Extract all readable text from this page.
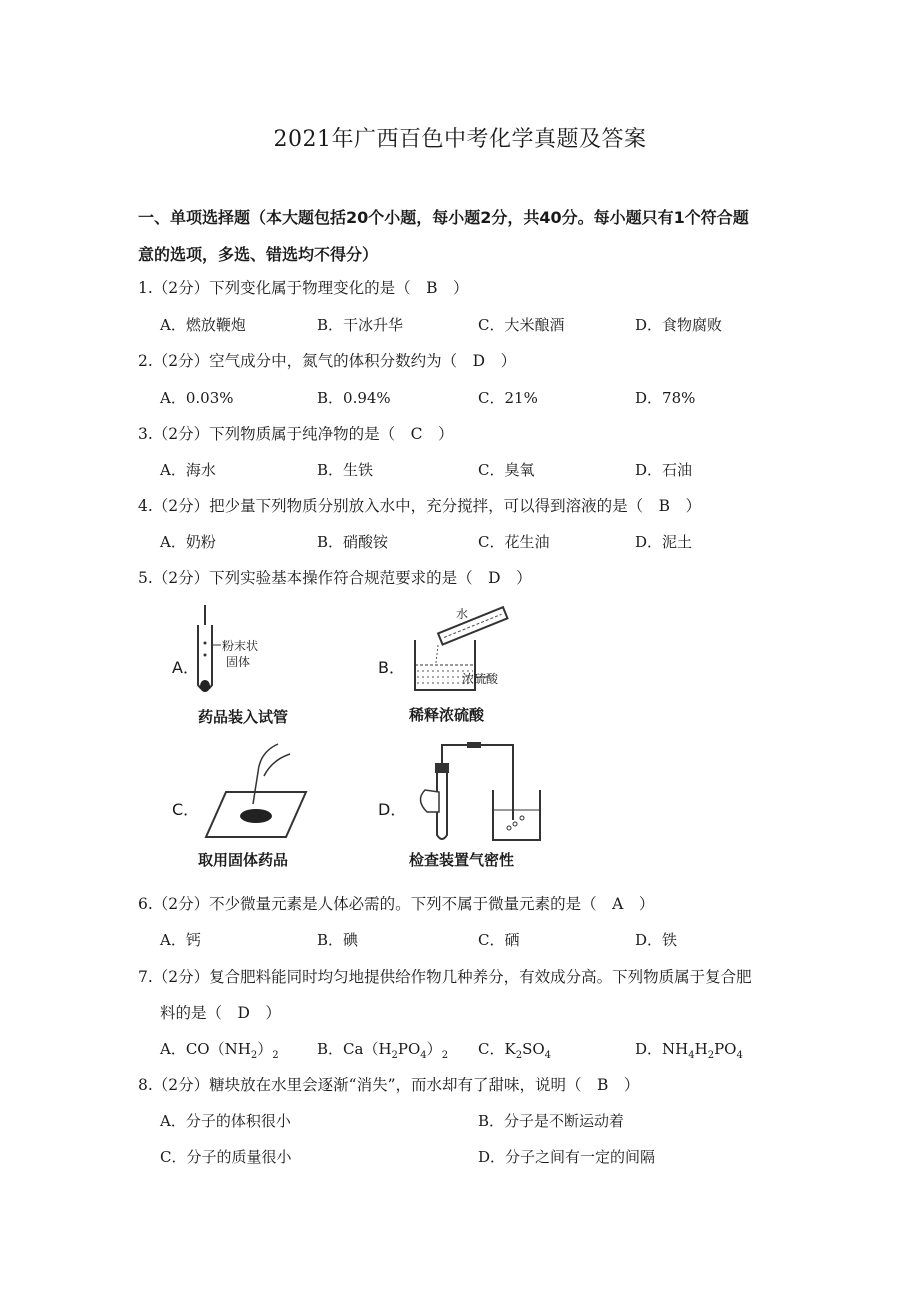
2021年广西百色中考化学真题及答案
一、单项选择题（本大题包括20个小题，每小题2分，共40分。每小题只有1个符合题
意的选项，多选、错选均不得分）
1.（2分）下列变化属于物理变化的是（　B　）
A．燃放鞭炮	B．干冰升华	C．大米酿酒	D．食物腐败
2.（2分）空气成分中，氮气的体积分数约为（　D　）
A．0.03%	B．0.94%	C．21%	D．78%
3.（2分）下列物质属于纯净物的是（　C　）
A．海水	B．生铁	C．臭氧	D．石油
4.（2分）把少量下列物质分别放入水中，充分搅拌，可以得到溶液的是（　B　）
A．奶粉	B．硝酸铵	C．花生油	D．泥土
5.（2分）下列实验基本操作符合规范要求的是（　D　）
A．
粉末状
固体
药品装入试管
B．
水
浓硫酸
稀释浓硫酸
C．
取用固体药品
D．
检查装置气密性
6.（2分）不少微量元素是人体必需的。下列不属于微量元素的是（　A　）
A．钙	B．碘	C．硒	D．铁
7.（2分）复合肥料能同时均匀地提供给作物几种养分，有效成分高。下列物质属于复合肥
料的是（　D　）
A．$CO(NH_2)_2$	B．$Ca(H_2PO_4)_2$ C．$K_2SO_4$	D．$NH_4H_2PO_4$
8.（2分）糖块放在水里会逐渐“消失”，而水却有了甜味，说明（　B　）
A．分子的体积很小	B．分子是不断运动着
C．分子的质量很小	D．分子之间有一定的间隔
